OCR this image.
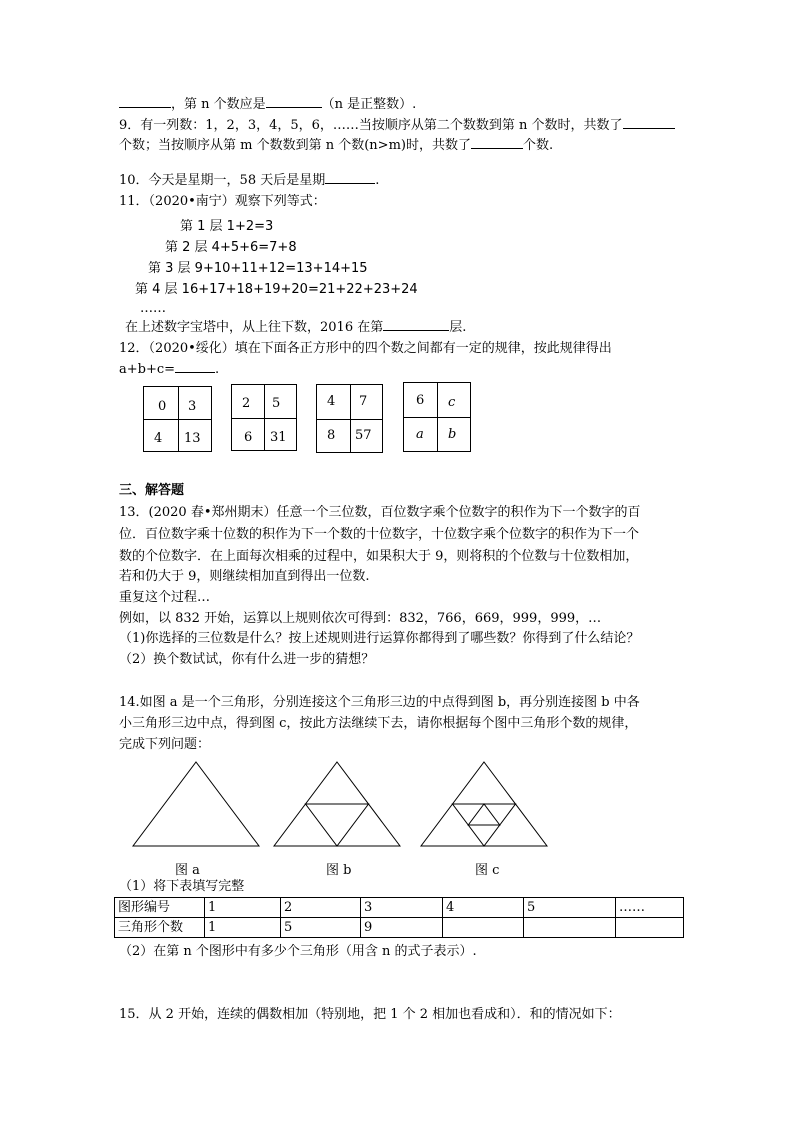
，第 n 个数应是	（n 是正整数）.
9．有一列数：1，2，3，4，5，6，……当按顺序从第二个数数到第 n 个数时，共数了
个数；当按顺序从第 m 个数数到第 n 个数(n>m)时，共数了	个数.
10．今天是星期一，58 天后是星期	.
11．（2020•南宁）观察下列等式：
第 1 层 1+2=3
第 2 层 4+5+6=7+8
第 3 层 9+10+11+12=13+14+15
第 4 层 16+17+18+19+20=21+22+23+24
……
在上述数字宝塔中，从上往下数，2016 在第	层.
12．（2020•绥化）填在下面各正方形中的四个数之间都有一定的规律，按此规律得出
a+b+c=	.
0 3
4 13
2 5
6 31
4 7
8 57
6 c
a b
三、解答题
13．(2020 春•郑州期末）任意一个三位数，百位数字乘个位数字的积作为下一个数字的百
位．百位数字乘十位数的积作为下一个数的十位数字，十位数字乘个位数字的积作为下一个
数的个位数字．在上面每次相乘的过程中，如果积大于 9，则将积的个位数与十位数相加，
若和仍大于 9，则继续相加直到得出一位数.
重复这个过程…
例如，以 832 开始，运算以上规则依次可得到：832，766，669，999，999，…
（1)你选择的三位数是什么？按上述规则进行运算你都得到了哪些数？你得到了什么结论？
（2）换个数试试，你有什么进一步的猜想？
14.如图 a 是一个三角形，分别连接这个三角形三边的中点得到图 b，再分别连接图 b 中各
小三角形三边中点，得到图 c，按此方法继续下去，请你根据每个图中三角形个数的规律，
完成下列问题：
图 a	图 b	图 c
（1）将下表填写完整
图形编号	1	2	3	4	5	……
三角形个数	1	5	9			
（2）在第 n 个图形中有多少个三角形（用含 n 的式子表示）.
15．从 2 开始，连续的偶数相加（特别地，把 1 个 2 相加也看成和）．和的情况如下：
